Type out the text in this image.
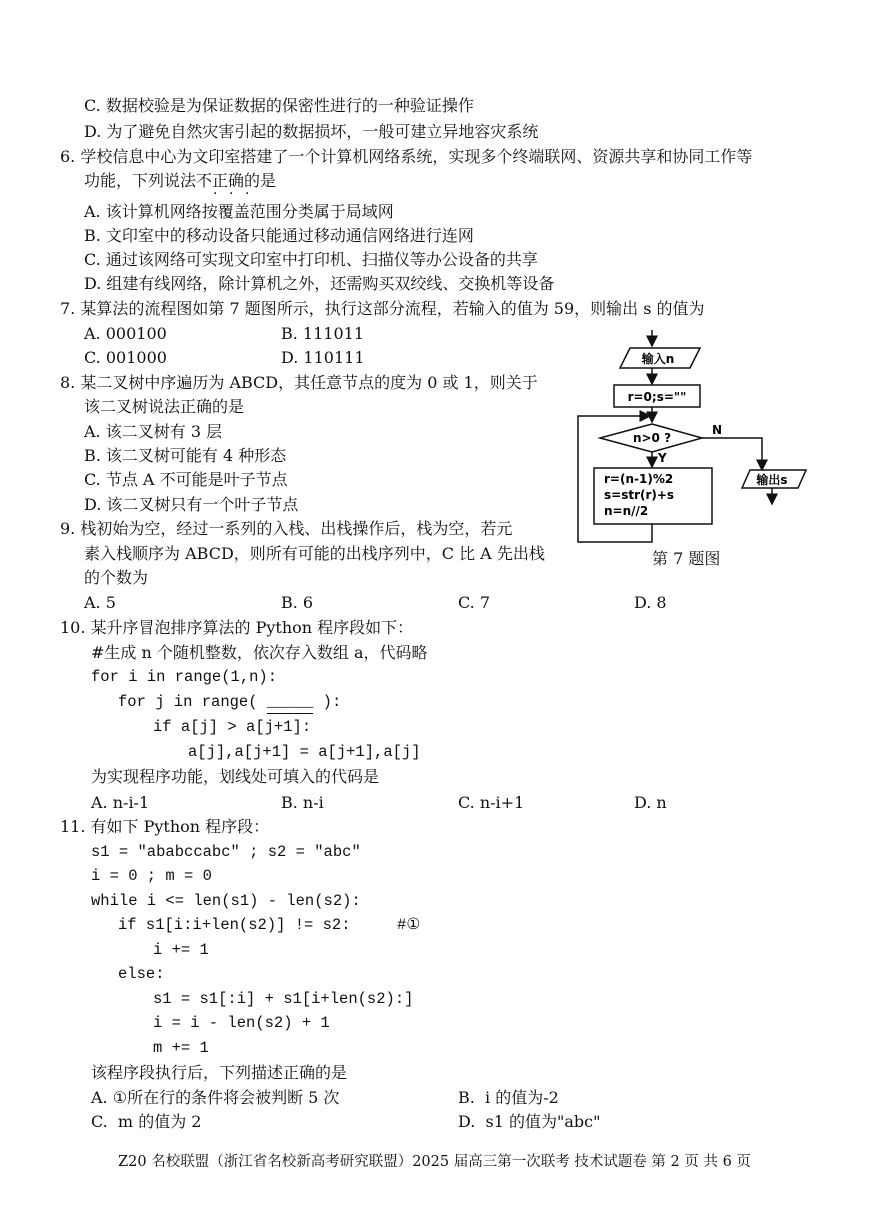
C. 数据校验是为保证数据的保密性进行的一种验证操作
D. 为了避免自然灾害引起的数据损坏，一般可建立异地容灾系统
6. 学校信息中心为文印室搭建了一个计算机网络系统，实现多个终端联网、资源共享和协同工作等
功能，下列说法不正确的是
· · ·
A. 该计算机网络按覆盖范围分类属于局域网
B. 文印室中的移动设备只能通过移动通信网络进行连网
C. 通过该网络可实现文印室中打印机、扫描仪等办公设备的共享
D. 组建有线网络，除计算机之外，还需购买双绞线、交换机等设备
7. 某算法的流程图如第 7 题图所示，执行这部分流程，若输入的值为 59，则输出 s 的值为
A. 000100	B. 111011
C. 001000	D. 110111	输入n
r=0;s=""
n>0 ?
N
输出s
Y
r=(n-1)%2
s=str(r)+s
n=n//2
第 7 题图
8. 某二叉树中序遍历为 ABCD，其任意节点的度为 0 或 1，则关于
该二叉树说法正确的是
A. 该二叉树有 3 层
B. 该二叉树可能有 4 种形态
C. 节点 A 不可能是叶子节点
D. 该二叉树只有一个叶子节点
9. 栈初始为空，经过一系列的入栈、出栈操作后，栈为空，若元
素入栈顺序为 ABCD，则所有可能的出栈序列中，C 比 A 先出栈
的个数为
A. 5	B. 6	C. 7	D. 8
10. 某升序冒泡排序算法的 Python 程序段如下：
#生成 n 个随机整数，依次存入数组 a，代码略
for i in range(1,n):
for j in range( _____ ):
if a[j] > a[j+1]:
a[j],a[j+1] = a[j+1],a[j]
为实现程序功能，划线处可填入的代码是
A. n-i-1	B. n-i	C. n-i+1	D. n
11. 有如下 Python 程序段：
s1 = "ababccabc" ; s2 = "abc"
i = 0 ; m = 0
while i <= len(s1) - len(s2):
if s1[i:i+len(s2)] != s2:     #①
i += 1
else:
s1 = s1[:i] + s1[i+len(s2):]
i = i - len(s2) + 1
m += 1
该程序段执行后，下列描述正确的是
A. ①所在行的条件将会被判断 5 次	B.  i 的值为-2
C.  m 的值为 2	D.  s1 的值为"abc"
Z20 名校联盟（浙江省名校新高考研究联盟）2025 届高三第一次联考 技术试题卷 第 2 页 共 6 页
